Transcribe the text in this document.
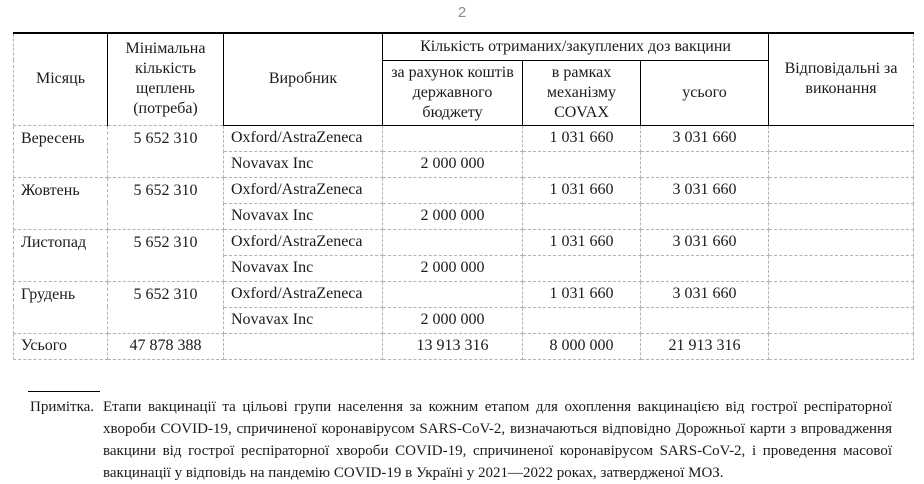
2
Місяць	Мінімальна кількість щеплень (потреба)	Виробник	Кількість отриманих/закуплених доз вакцини			Відповідальні за виконання
			за рахунок коштів державного бюджету	в рамках механізму COVAX	усього	
Вересень	5 652 310	Oxford/AstraZeneca		1 031 660	3 031 660	
		Novavax Inc	2 000 000			
Жовтень	5 652 310	Oxford/AstraZeneca		1 031 660	3 031 660	
		Novavax Inc	2 000 000			
Листопад	5 652 310	Oxford/AstraZeneca		1 031 660	3 031 660	
		Novavax Inc	2 000 000			
Грудень	5 652 310	Oxford/AstraZeneca		1 031 660	3 031 660	
		Novavax Inc	2 000 000			
Усього	47 878 388		13 913 316	8 000 000	21 913 316	
Примітка. Етапи вакцинації та цільові групи населення за кожним етапом для охоплення вакцинацією від гострої респіраторної хвороби COVID-19, спричиненої коронавірусом SARS-CoV-2, визначаються відповідно Дорожньої карти з впровадження вакцини від гострої респіраторної хвороби COVID-19, спричиненої коронавірусом SARS-CoV-2, і проведення масової вакцинації у відповідь на пандемію COVID-19 в Україні у 2021—2022 роках, затвердженої МОЗ.
